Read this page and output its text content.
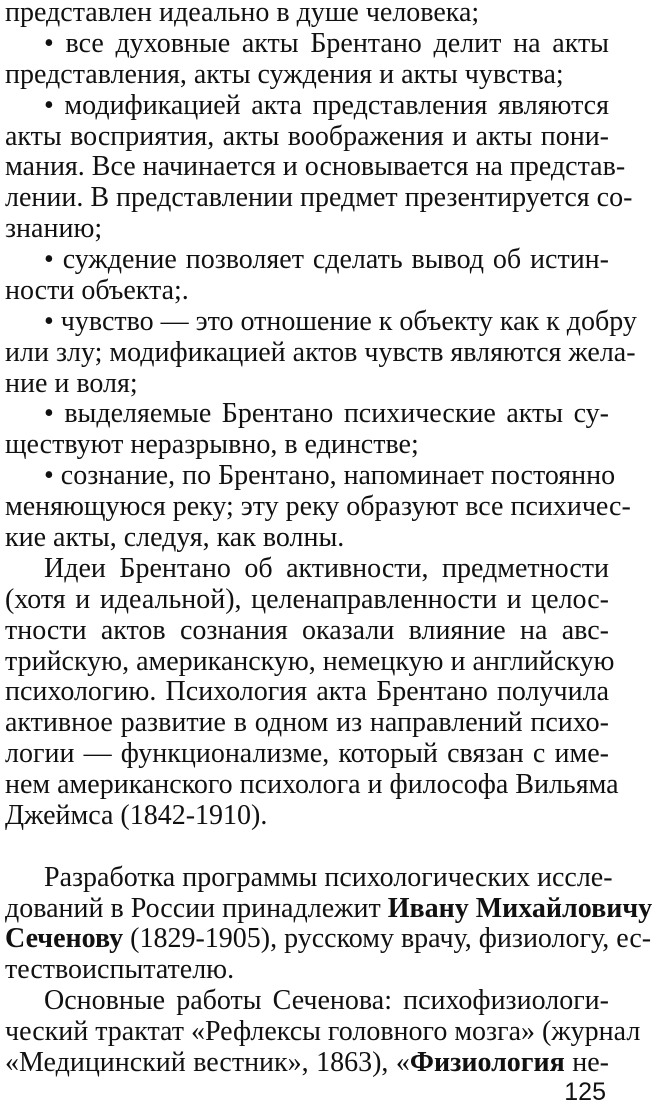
представлен идеально в душе человека;
• все духовные акты Брентано делит на акты
представления, акты суждения и акты чувства;
• модификацией акта представления являются
акты восприятия, акты воображения и акты пони-
мания. Все начинается и основывается на представ-
лении. В представлении предмет презентируется со-
знанию;
• суждение позволяет сделать вывод об истин-
ности объекта;.
• чувство — это отношение к объекту как к добру
или злу; модификацией актов чувств являются жела-
ние и воля;
• выделяемые Брентано психические акты су-
ществуют неразрывно, в единстве;
• сознание, по Брентано, напоминает постоянно
меняющуюся реку; эту реку образуют все психичес-
кие акты, следуя, как волны.
Идеи Брентано об активности, предметности
(хотя и идеальной), целенаправленности и целос-
тности актов сознания оказали влияние на авс-
трийскую, американскую, немецкую и английскую
психологию. Психология акта Брентано получила
активное развитие в одном из направлений психо-
логии — функционализме, который связан с име-
нем американского психолога и философа Вильяма
Джеймса (1842-1910).
Разработка программы психологических иссле-
дований в России принадлежит Ивану Михайловичу
Сеченову (1829-1905), русскому врачу, физиологу, ес-
тествоиспытателю.
Основные работы Сеченова: психофизиологи-
ческий трактат «Рефлексы головного мозга» (журнал
«Медицинский вестник», 1863), «Физиология не-
125
